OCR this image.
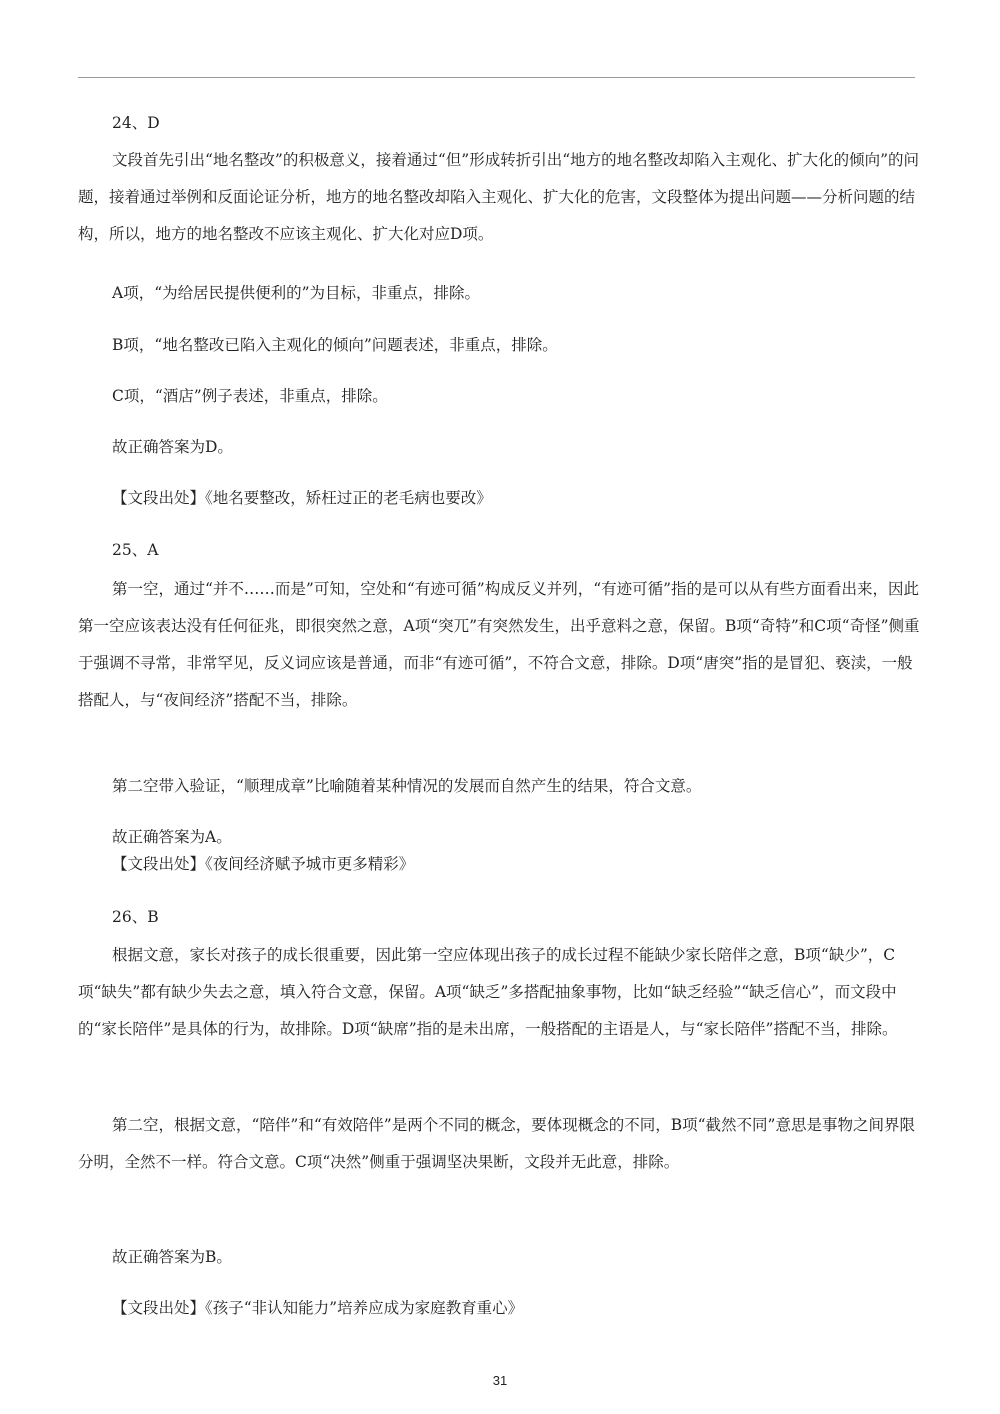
24、D

文段首先引出“地名整改”的积极意义，接着通过“但”形成转折引出“地方的地名整改却陷入主观化、扩大化的倾向”的问题，接着通过举例和反面论证分析，地方的地名整改却陷入主观化、扩大化的危害，文段整体为提出问题——分析问题的结构，所以，地方的地名整改不应该主观化、扩大化对应D项。

A项，“为给居民提供便利的”为目标，非重点，排除。
B项，“地名整改已陷入主观化的倾向”问题表述，非重点，排除。
C项，“酒店”例子表述，非重点，排除。
故正确答案为D。
【文段出处】《地名要整改，矫枉过正的老毛病也要改》
25、A

第一空，通过“并不……而是”可知，空处和“有迹可循”构成反义并列，“有迹可循”指的是可以从有些方面看出来，因此第一空应该表达没有任何征兆，即很突然之意，A项“突兀”有突然发生，出乎意料之意，保留。B项“奇特”和C项“奇怪”侧重于强调不寻常，非常罕见，反义词应该是普通，而非“有迹可循”，不符合文意，排除。D项“唐突”指的是冒犯、亵渎，一般搭配人，与“夜间经济”搭配不当，排除。

第二空带入验证，“顺理成章”比喻随着某种情况的发展而自然产生的结果，符合文意。
故正确答案为A。
【文段出处】《夜间经济赋予城市更多精彩》
26、B

根据文意，家长对孩子的成长很重要，因此第一空应体现出孩子的成长过程不能缺少家长陪伴之意，B项“缺少”，C项“缺失”都有缺少失去之意，填入符合文意，保留。A项“缺乏”多搭配抽象事物，比如“缺乏经验”“缺乏信心”，而文段中的“家长陪伴”是具体的行为，故排除。D项“缺席”指的是未出席，一般搭配的主语是人，与“家长陪伴”搭配不当，排除。

第二空，根据文意，“陪伴”和“有效陪伴”是两个不同的概念，要体现概念的不同，B项“截然不同”意思是事物之间界限分明，全然不一样。符合文意。C项“决然”侧重于强调坚决果断，文段并无此意，排除。

故正确答案为B。
【文段出处】《孩子“非认知能力”培养应成为家庭教育重心》
31
